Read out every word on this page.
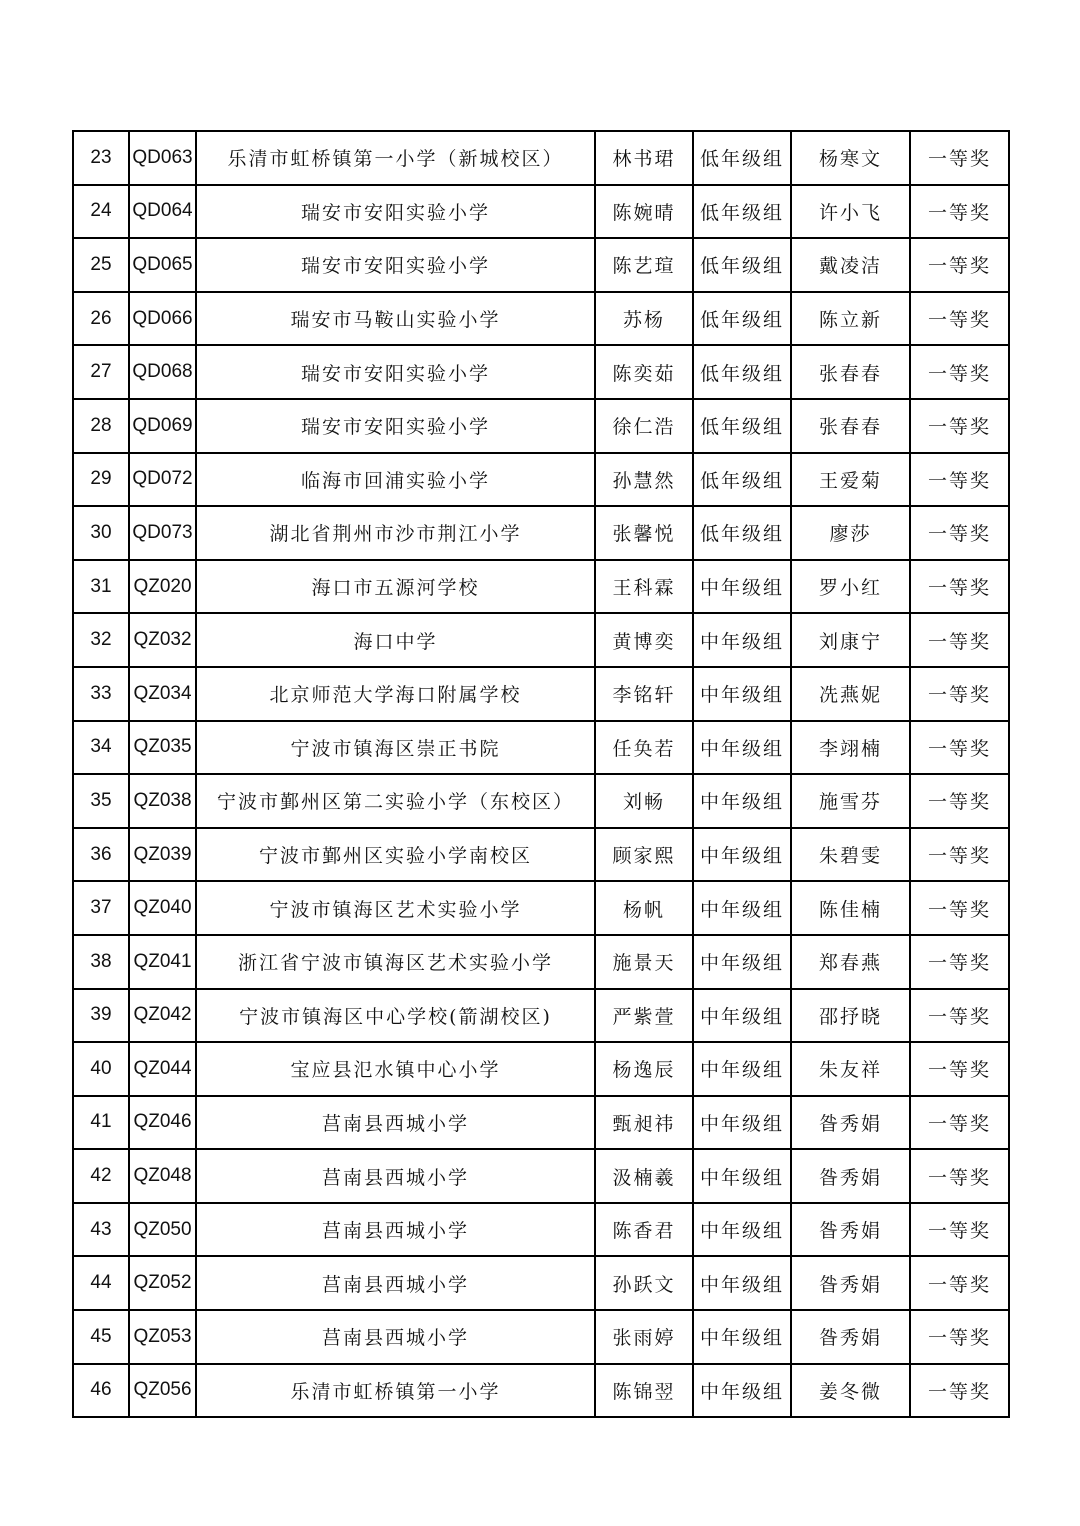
23	QD063	乐清市虹桥镇第一小学（新城校区）	林书珺	低年级组	杨寒文	一等奖
24	QD064	瑞安市安阳实验小学	陈婉晴	低年级组	许小飞	一等奖
25	QD065	瑞安市安阳实验小学	陈艺瑄	低年级组	戴凌洁	一等奖
26	QD066	瑞安市马鞍山实验小学	苏杨	低年级组	陈立新	一等奖
27	QD068	瑞安市安阳实验小学	陈奕茹	低年级组	张春春	一等奖
28	QD069	瑞安市安阳实验小学	徐仁浩	低年级组	张春春	一等奖
29	QD072	临海市回浦实验小学	孙慧然	低年级组	王爱菊	一等奖
30	QD073	湖北省荆州市沙市荆江小学	张馨悦	低年级组	廖莎	一等奖
31	QZ020	海口市五源河学校	王科霖	中年级组	罗小红	一等奖
32	QZ032	海口中学	黄博奕	中年级组	刘康宁	一等奖
33	QZ034	北京师范大学海口附属学校	李铭轩	中年级组	冼燕妮	一等奖
34	QZ035	宁波市镇海区崇正书院	任奂若	中年级组	李翊楠	一等奖
35	QZ038	宁波市鄞州区第二实验小学（东校区）	刘畅	中年级组	施雪芬	一等奖
36	QZ039	宁波市鄞州区实验小学南校区	顾家熙	中年级组	朱碧雯	一等奖
37	QZ040	宁波市镇海区艺术实验小学	杨帆	中年级组	陈佳楠	一等奖
38	QZ041	浙江省宁波市镇海区艺术实验小学	施景天	中年级组	郑春燕	一等奖
39	QZ042	宁波市镇海区中心学校(箭湖校区)	严紫萱	中年级组	邵抒晓	一等奖
40	QZ044	宝应县氾水镇中心小学	杨逸辰	中年级组	朱友祥	一等奖
41	QZ046	莒南县西城小学	甄昶祎	中年级组	昝秀娟	一等奖
42	QZ048	莒南县西城小学	汲楠羲	中年级组	昝秀娟	一等奖
43	QZ050	莒南县西城小学	陈香君	中年级组	昝秀娟	一等奖
44	QZ052	莒南县西城小学	孙跃文	中年级组	昝秀娟	一等奖
45	QZ053	莒南县西城小学	张雨婷	中年级组	昝秀娟	一等奖
46	QZ056	乐清市虹桥镇第一小学	陈锦翌	中年级组	姜冬微	一等奖
